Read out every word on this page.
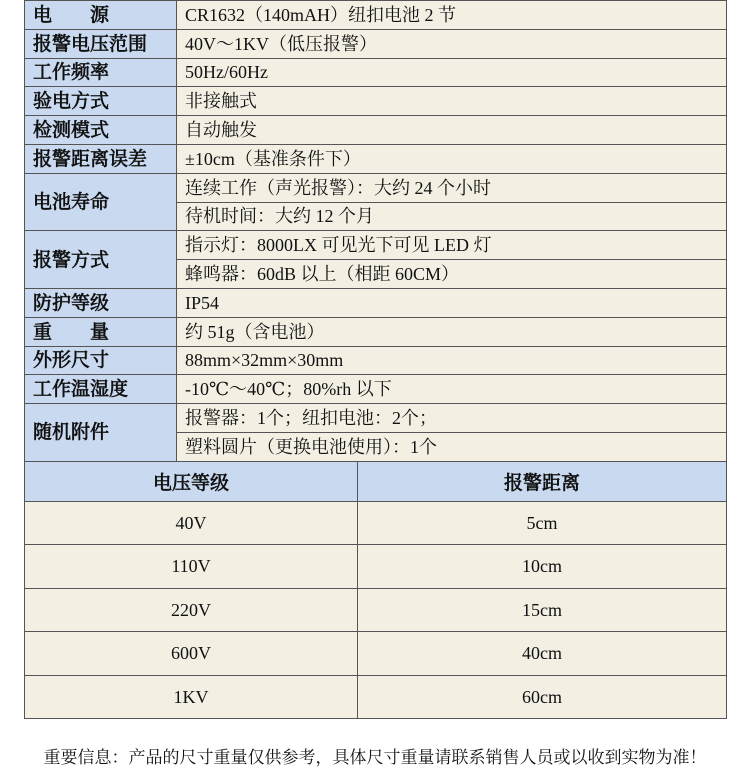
电　　源	CR1632（140mAH）纽扣电池 2 节
报警电压范围	40V～1KV（低压报警）
工作频率	50Hz/60Hz
验电方式	非接触式
检测模式	自动触发
报警距离误差	±10cm（基准条件下）
电池寿命	连续工作（声光报警）：大约 24 个小时
	待机时间：大约 12 个月
报警方式	指示灯：8000LX 可见光下可见 LED 灯
	蜂鸣器：60dB 以上（相距 60CM）
防护等级	IP54
重　　量	约 51g（含电池）
外形尺寸	88mm×32mm×30mm
工作温湿度	-10℃～40℃；80%rh 以下
随机附件	报警器：1个；纽扣电池：2个；
	塑料圆片（更换电池使用）：1个
电压等级	报警距离
40V	5cm
110V	10cm
220V	15cm
600V	40cm
1KV	60cm
重要信息：产品的尺寸重量仅供参考，具体尺寸重量请联系销售人员或以收到实物为准！
